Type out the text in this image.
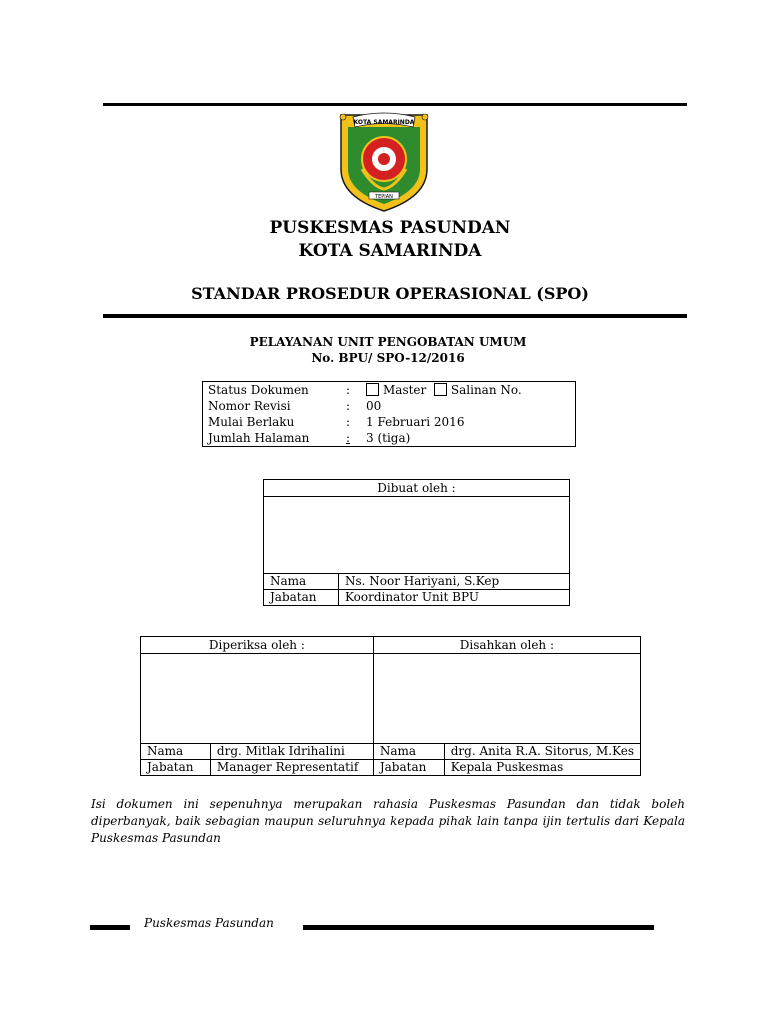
KOTA SAMARINDA
TEPIAN
PUSKESMAS PASUNDAN
KOTA SAMARINDA
STANDAR PROSEDUR OPERASIONAL (SPO)
PELAYANAN UNIT PENGOBATAN UMUM
No. BPU/ SPO-12/2016
Status Dokumen	:	Master Salinan No.
Nomor Revisi	:	00
Mulai Berlaku	:	1 Februari 2016
Jumlah Halaman	:	3 (tiga)
Dibuat oleh :	

Nama	Ns. Noor Hariyani, S.Kep
Jabatan	Koordinator Unit BPU
Diperiksa oleh :		Disahkan oleh :	

Nama	drg. Mitlak Idrihalini	Nama	drg. Anita R.A. Sitorus, M.Kes
Jabatan	Manager Representatif	Jabatan	Kepala Puskesmas
Isi dokumen ini sepenuhnya merupakan rahasia Puskesmas Pasundan dan tidak boleh diperbanyak, baik sebagian maupun seluruhnya kepada pihak lain tanpa ijin tertulis dari Kepala Puskesmas Pasundan
Puskesmas Pasundan
